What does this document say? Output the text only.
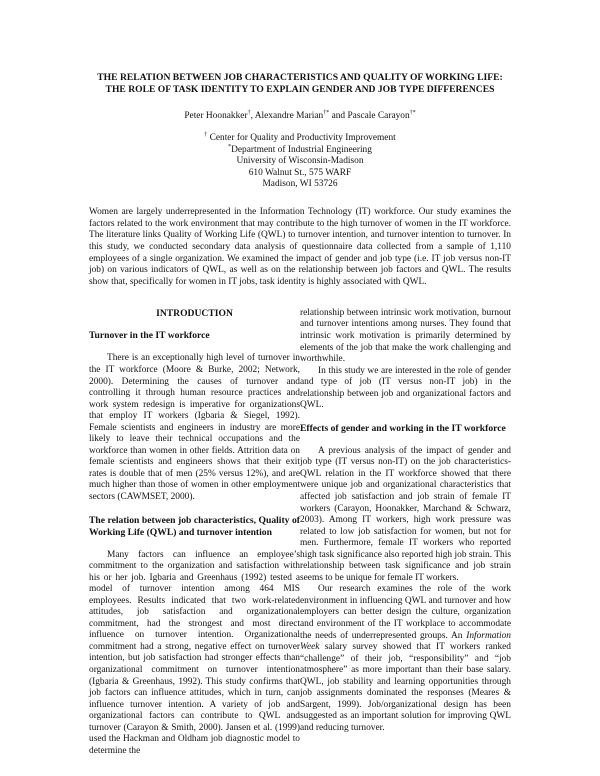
THE RELATION BETWEEN JOB CHARACTERISTICS AND QUALITY OF WORKING LIFE:
THE ROLE OF TASK IDENTITY TO EXPLAIN GENDER AND JOB TYPE DIFFERENCES
Peter Hoonakker†, Alexandre Marian†* and Pascale Carayon†*
† Center for Quality and Productivity Improvement
*Department of Industrial Engineering
University of Wisconsin-Madison
610 Walnut St., 575 WARF
Madison, WI 53726

Women are largely underrepresented in the Information Technology (IT) workforce. Our study examines the factors related to the work environment that may contribute to the high turnover of women in the IT workforce. The literature links Quality of Working Life (QWL) to turnover intention, and turnover intention to turnover. In this study, we conducted secondary data analysis of questionnaire data collected from a sample of 1,110 employees of a single organization. We examined the impact of gender and job type (i.e. IT job versus non-IT job) on various indicators of QWL, as well as on the relationship between job factors and QWL. The results show that, specifically for women in IT jobs, task identity is highly associated with QWL.

INTRODUCTION
Turnover in the IT workforce

There is an exceptionally high level of turnover in the IT workforce (Moore & Burke, 2002; Network, 2000). Determining the causes of turnover and controlling it through human resource practices and work system redesign is imperative for organizations that employ IT workers (Igbaria & Siegel, 1992). Female scientists and engineers in industry are more likely to leave their technical occupations and the workforce than women in other fields. Attrition data on female scientists and engineers shows that their exit rates is double that of men (25% versus 12%), and are much higher than those of women in other employment sectors (CAWMSET, 2000).

The relation between job characteristics, Quality of Working Life (QWL) and turnover intention

Many factors can influence an employee’s commitment to the organization and satisfaction with his or her job. Igbaria and Greenhaus (1992) tested a model of turnover intention among 464 MIS employees. Results indicated that two work-related attitudes, job satisfaction and organizational commitment, had the strongest and most direct influence on turnover intention. Organizational commitment had a strong, negative effect on turnover intention, but job satisfaction had stronger effects than organizational commitment on turnover intention (Igbaria & Greenhaus, 1992). This study confirms that job factors can influence attitudes, which in turn, can influence turnover intention. A variety of job and organizational factors can contribute to QWL and turnover (Carayon & Smith, 2000). Jansen et al. (1999) used the Hackman and Oldham job diagnostic model to determine the

relationship between intrinsic work motivation, burnout and turnover intentions among nurses. They found that intrinsic work motivation is primarily determined by elements of the job that make the work challenging and worthwhile.

In this study we are interested in the role of gender and type of job (IT versus non-IT job) in the relationship between job and organizational factors and QWL.

Effects of gender and working in the IT workforce

A previous analysis of the impact of gender and job type (IT versus non-IT) on the job characteristics-QWL relation in the IT workforce showed that there were unique job and organizational characteristics that affected job satisfaction and job strain of female IT workers (Carayon, Hoonakker, Marchand & Schwarz, 2003). Among IT workers, high work pressure was related to low job satisfaction for women, but not for men. Furthermore, female IT workers who reported high task significance also reported high job strain. This relationship between task significance and job strain seems to be unique for female IT workers.

Our research examines the role of the work environment in influencing QWL and turnover and how employers can better design the culture, organization and environment of the IT workplace to accommodate the needs of underrepresented groups. An Information Week salary survey showed that IT workers ranked “challenge” of their job, “responsibility” and “job atmosphere” as more important than their base salary. QWL, job stability and learning opportunities through job assignments dominated the responses (Meares & Sargent, 1999). Job/organizational design has been suggested as an important solution for improving QWL and reducing turnover.
